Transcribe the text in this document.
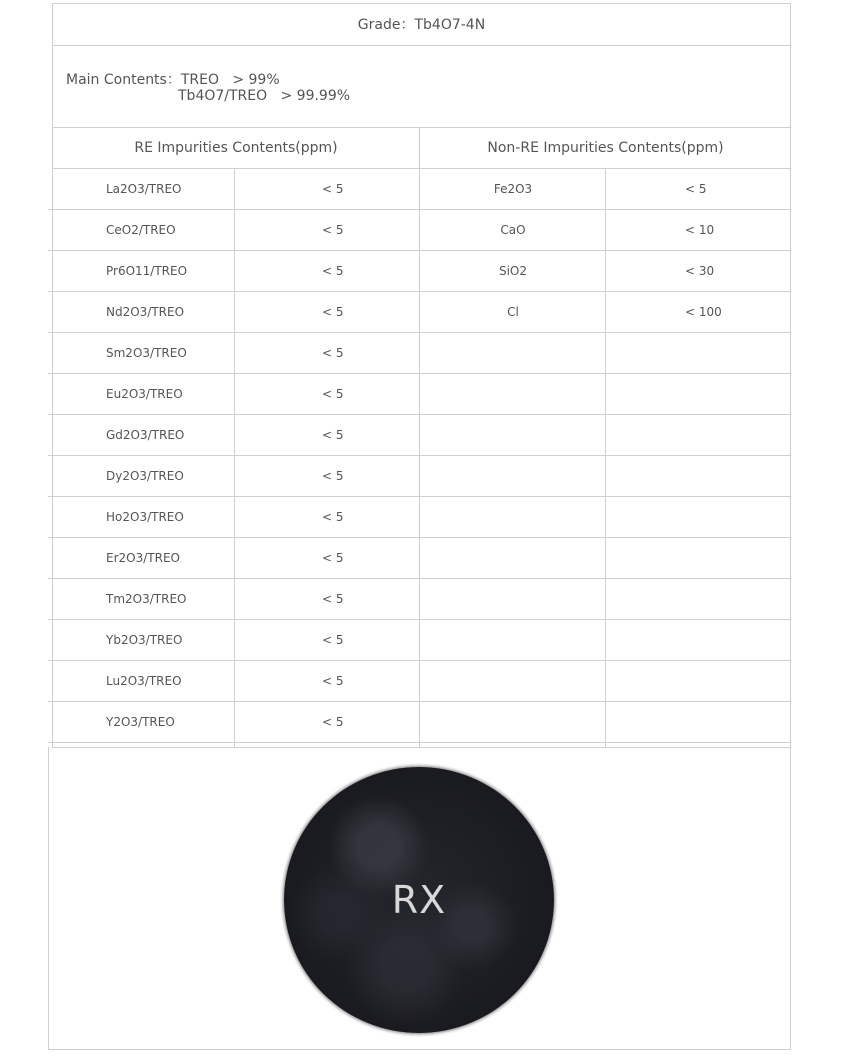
Grade：Tb4O7-4N
Main Contents：TREO   > 99%
Tb4O7/TREO   > 99.99%
RE Impurities Contents(ppm)	Non-RE Impurities Contents(ppm)
La2O3/TREO	< 5	Fe2O3	< 5
CeO2/TREO	< 5	CaO	< 10
Pr6O11/TREO	< 5	SiO2	< 30
Nd2O3/TREO	< 5	Cl	< 100
Sm2O3/TREO	< 5
Eu2O3/TREO	< 5
Gd2O3/TREO	< 5
Dy2O3/TREO	< 5
Ho2O3/TREO	< 5
Er2O3/TREO	< 5
Tm2O3/TREO	< 5
Yb2O3/TREO	< 5
Lu2O3/TREO	< 5
Y2O3/TREO	< 5
RX
